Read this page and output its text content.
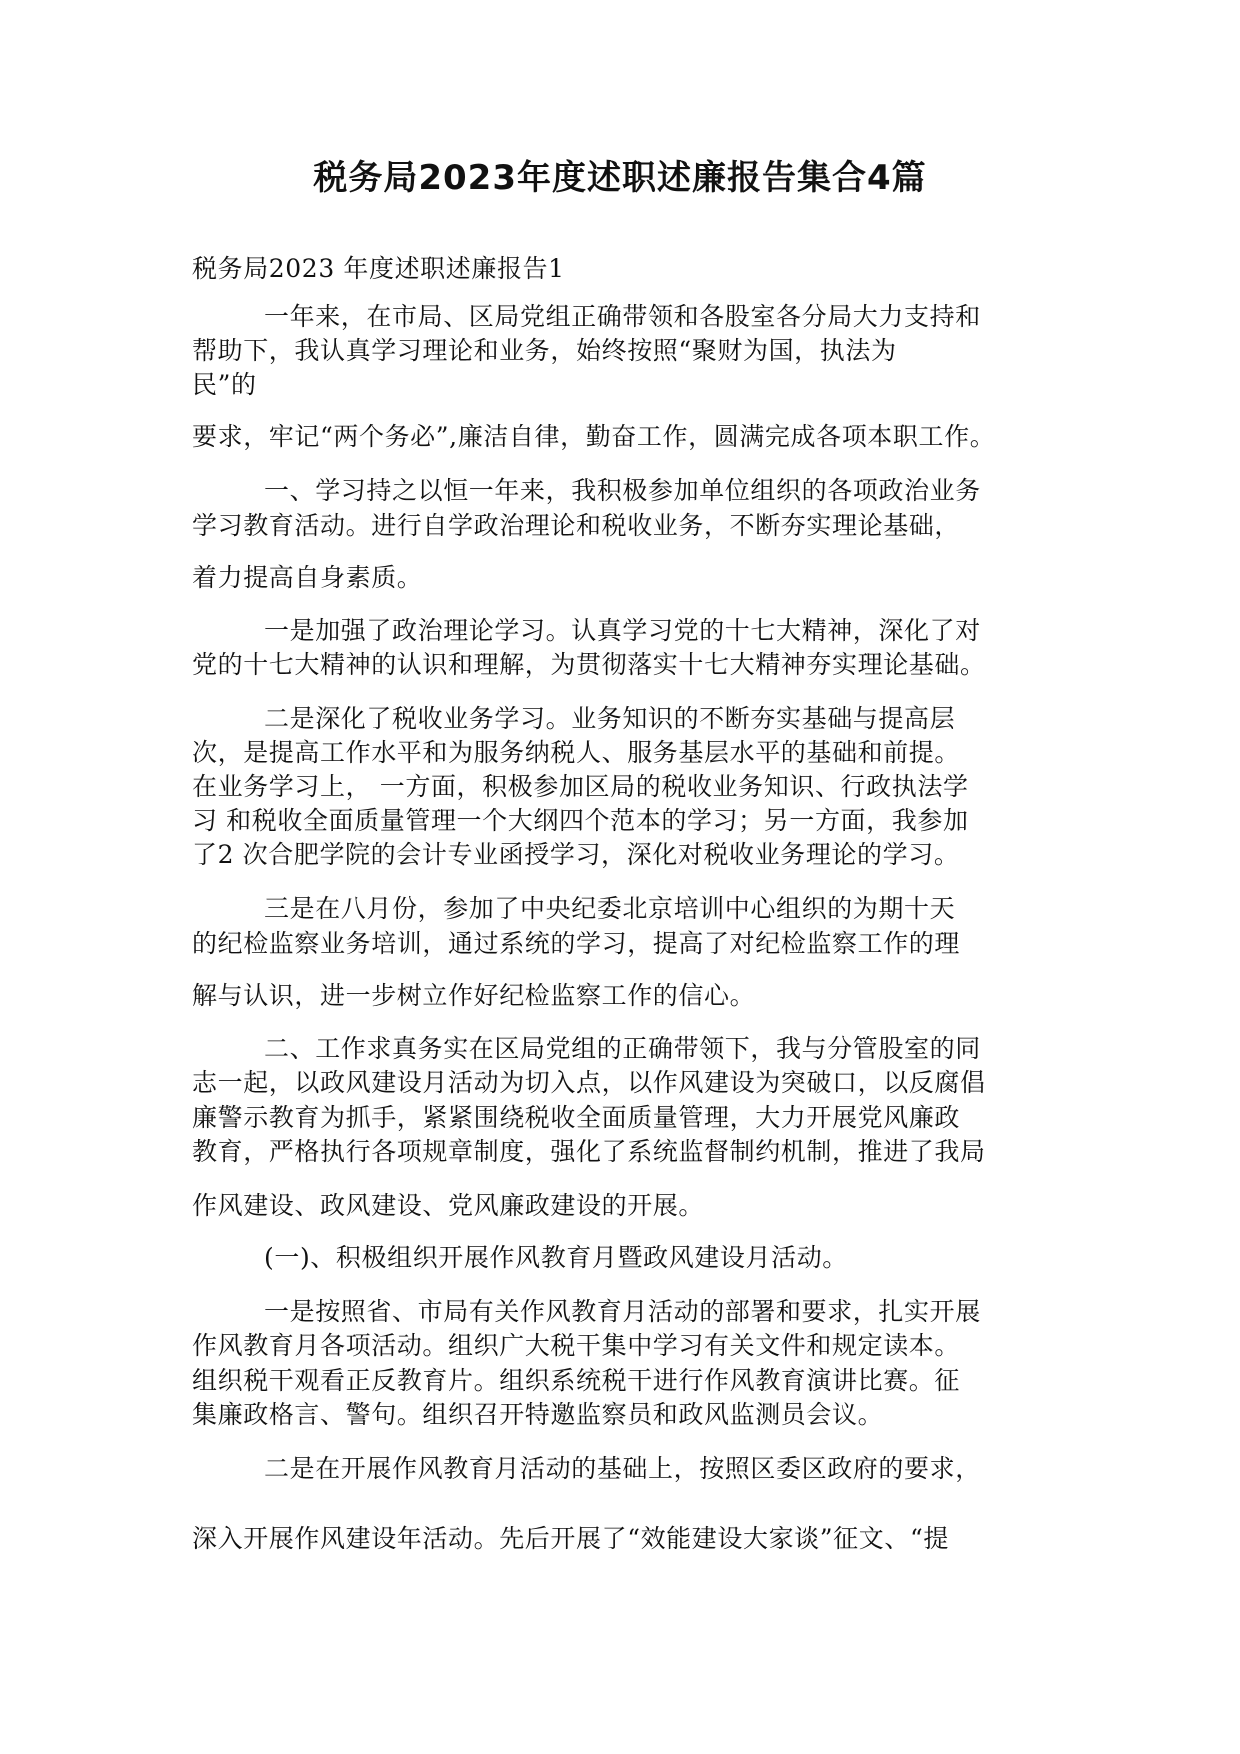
税务局2023年度述职述廉报告集合4篇

税务局2023 年度述职述廉报告1

一年来，在市局、区局党组正确带领和各股室各分局大力支持和

帮助下，我认真学习理论和业务，始终按照“聚财为国，执法为

民”的

要求，牢记“两个务必”,廉洁自律，勤奋工作，圆满完成各项本职工作。

一、学习持之以恒一年来，我积极参加单位组织的各项政治业务

学习教育活动。进行自学政治理论和税收业务，不断夯实理论基础，

着力提高自身素质。

一是加强了政治理论学习。认真学习党的十七大精神，深化了对

党的十七大精神的认识和理解，为贯彻落实十七大精神夯实理论基础。

二是深化了税收业务学习。业务知识的不断夯实基础与提高层

次，是提高工作水平和为服务纳税人、服务基层水平的基础和前提。

在业务学习上， 一方面，积极参加区局的税收业务知识、行政执法学

习 和税收全面质量管理一个大纲四个范本的学习；另一方面，我参加

了2 次合肥学院的会计专业函授学习，深化对税收业务理论的学习。

三是在八月份，参加了中央纪委北京培训中心组织的为期十天

的纪检监察业务培训，通过系统的学习，提高了对纪检监察工作的理

解与认识，进一步树立作好纪检监察工作的信心。

二、工作求真务实在区局党组的正确带领下，我与分管股室的同

志一起，以政风建设月活动为切入点，以作风建设为突破口，以反腐倡

廉警示教育为抓手，紧紧围绕税收全面质量管理，大力开展党风廉政

教育，严格执行各项规章制度，强化了系统监督制约机制，推进了我局

作风建设、政风建设、党风廉政建设的开展。

(一)、积极组织开展作风教育月暨政风建设月活动。

一是按照省、市局有关作风教育月活动的部署和要求，扎实开展

作风教育月各项活动。组织广大税干集中学习有关文件和规定读本。

组织税干观看正反教育片。组织系统税干进行作风教育演讲比赛。征

集廉政格言、警句。组织召开特邀监察员和政风监测员会议。

二是在开展作风教育月活动的基础上，按照区委区政府的要求，

深入开展作风建设年活动。先后开展了“效能建设大家谈”征文、“提
